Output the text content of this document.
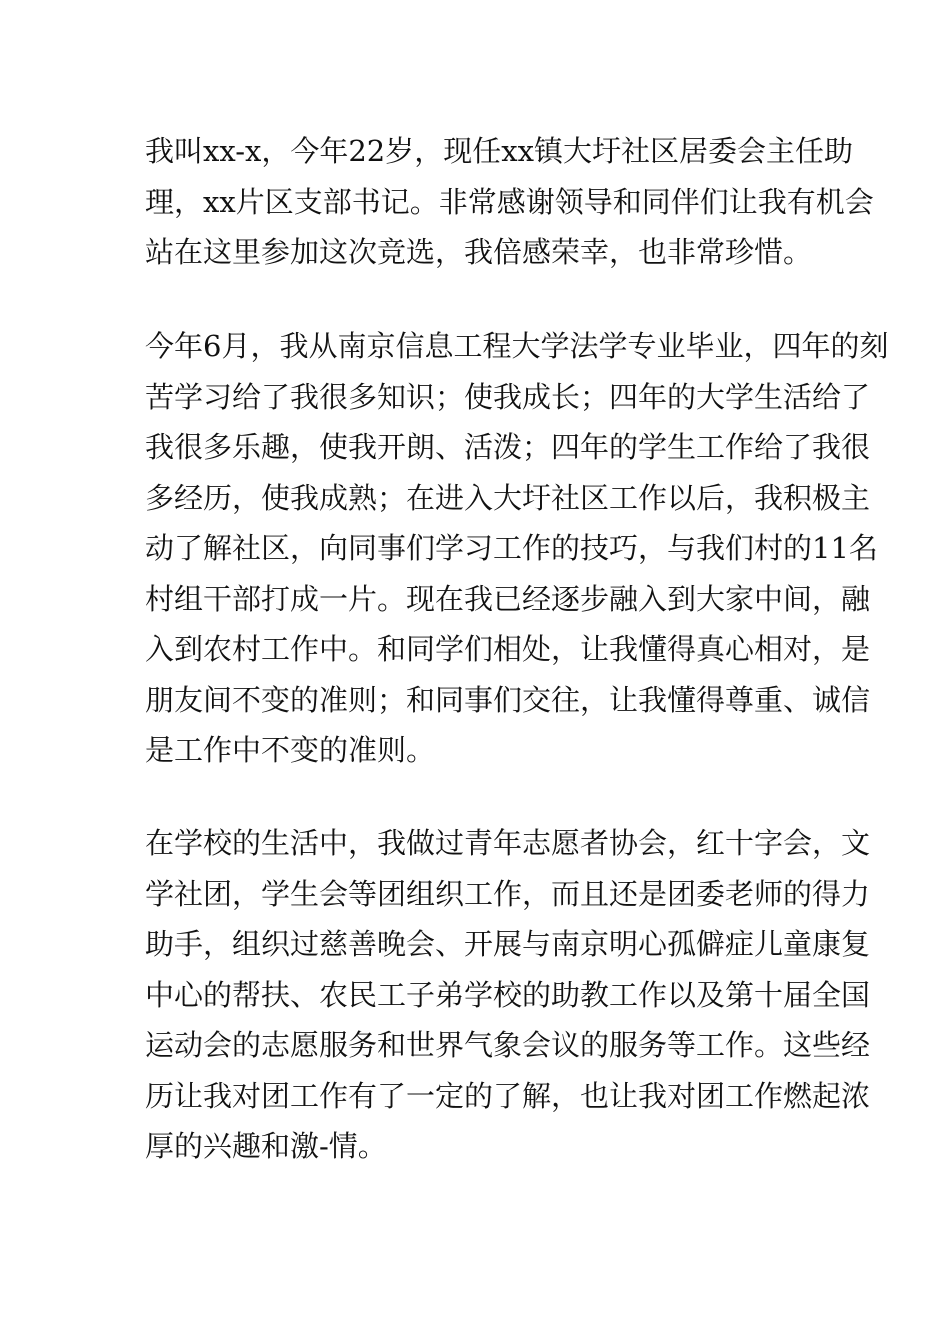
我叫xx-x，今年22岁，现任xx镇大圩社区居委会主任助
理，xx片区支部书记。非常感谢领导和同伴们让我有机会
站在这里参加这次竞选，我倍感荣幸，也非常珍惜。

今年6月，我从南京信息工程大学法学专业毕业，四年的刻
苦学习给了我很多知识；使我成长；四年的大学生活给了
我很多乐趣，使我开朗、活泼；四年的学生工作给了我很
多经历，使我成熟；在进入大圩社区工作以后，我积极主
动了解社区，向同事们学习工作的技巧，与我们村的11名
村组干部打成一片。现在我已经逐步融入到大家中间，融
入到农村工作中。和同学们相处，让我懂得真心相对，是
朋友间不变的准则；和同事们交往，让我懂得尊重、诚信
是工作中不变的准则。

在学校的生活中，我做过青年志愿者协会，红十字会，文
学社团，学生会等团组织工作，而且还是团委老师的得力
助手，组织过慈善晚会、开展与南京明心孤僻症儿童康复
中心的帮扶、农民工子弟学校的助教工作以及第十届全国
运动会的志愿服务和世界气象会议的服务等工作。这些经
历让我对团工作有了一定的了解，也让我对团工作燃起浓
厚的兴趣和激-情。
